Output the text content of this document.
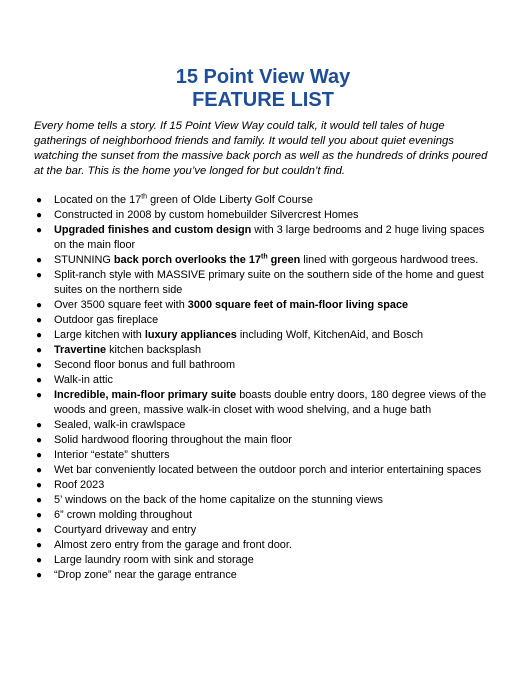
15 Point View Way
FEATURE LIST

Every home tells a story. If 15 Point View Way could talk, it would tell tales of huge gatherings of neighborhood friends and family. It would tell you about quiet evenings watching the sunset from the massive back porch as well as the hundreds of drinks poured at the bar. This is the home you’ve longed for but couldn’t find.

● Located on the 17th green of Olde Liberty Golf Course
● Constructed in 2008 by custom homebuilder Silvercrest Homes
● Upgraded finishes and custom design with 3 large bedrooms and 2 huge living spaces on the main floor
● STUNNING back porch overlooks the 17th green lined with gorgeous hardwood trees.
● Split-ranch style with MASSIVE primary suite on the southern side of the home and guest suites on the northern side
● Over 3500 square feet with 3000 square feet of main-floor living space
● Outdoor gas fireplace
● Large kitchen with luxury appliances including Wolf, KitchenAid, and Bosch
● Travertine kitchen backsplash
● Second floor bonus and full bathroom
● Walk-in attic
● Incredible, main-floor primary suite boasts double entry doors, 180 degree views of the woods and green, massive walk-in closet with wood shelving, and a huge bath
● Sealed, walk-in crawlspace
● Solid hardwood flooring throughout the main floor
● Interior “estate” shutters
● Wet bar conveniently located between the outdoor porch and interior entertaining spaces
● Roof 2023
● 5’ windows on the back of the home capitalize on the stunning views
● 6” crown molding throughout
● Courtyard driveway and entry
● Almost zero entry from the garage and front door.
● Large laundry room with sink and storage
● “Drop zone” near the garage entrance
